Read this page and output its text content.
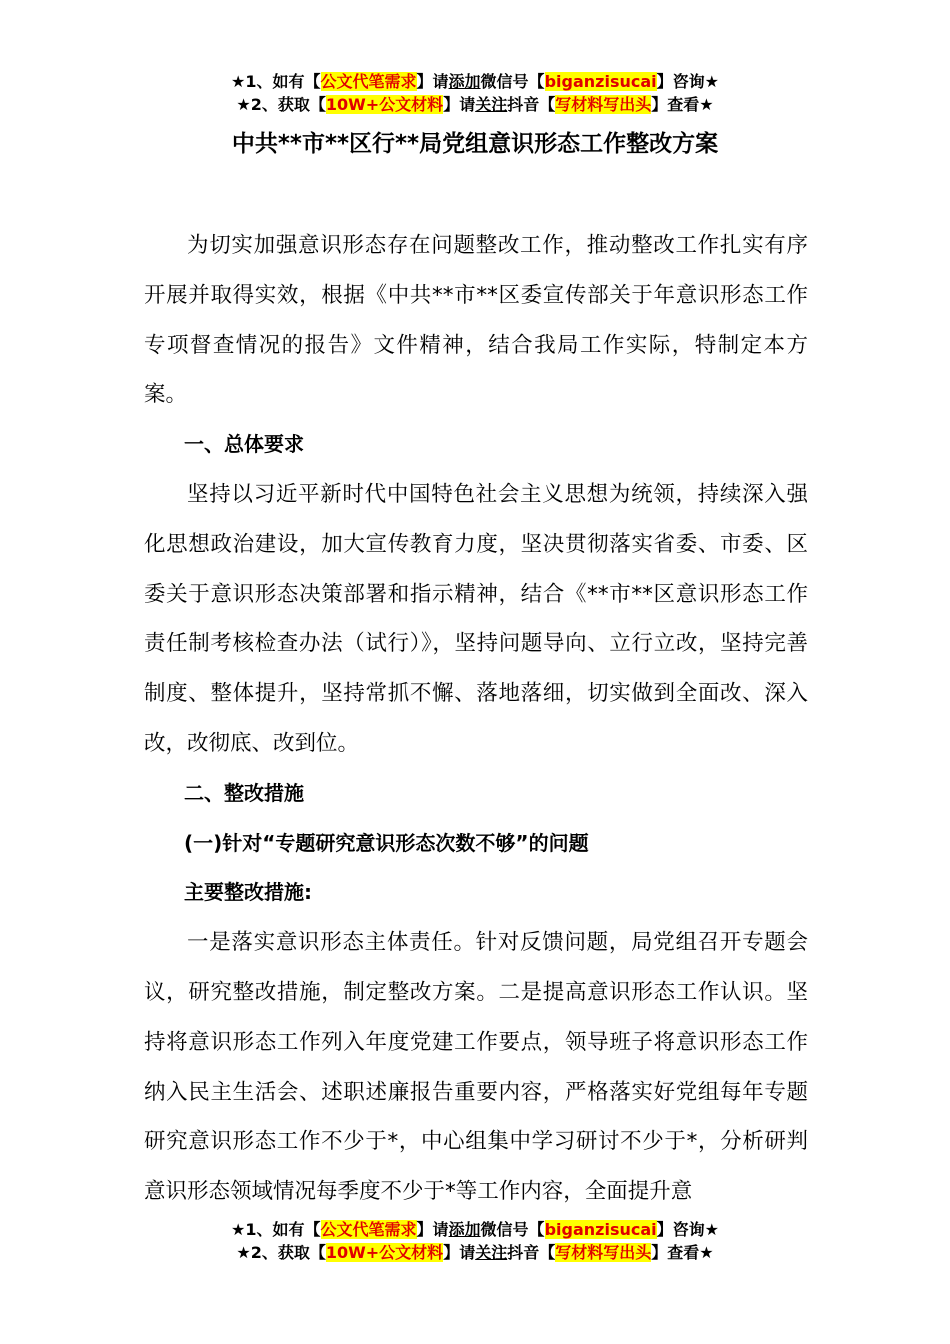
★1、如有【公文代笔需求】请添加微信号【biganzisucai】咨询★
★2、获取【10W+公文材料】请关注抖音【写材料写出头】查看★
中共**市**区行**局党组意识形态工作整改方案

为切实加强意识形态存在问题整改工作，推动整改工作扎实有序开展并取得实效，根据《中共**市**区委宣传部关于年意识形态工作专项督查情况的报告》文件精神，结合我局工作实际，特制定本方案。

一、总体要求

坚持以习近平新时代中国特色社会主义思想为统领，持续深入强化思想政治建设，加大宣传教育力度，坚决贯彻落实省委、市委、区委关于意识形态决策部署和指示精神，结合《**市**区意识形态工作责任制考核检查办法（试行）》，坚持问题导向、立行立改，坚持完善制度、整体提升，坚持常抓不懈、落地落细，切实做到全面改、深入改，改彻底、改到位。

二、整改措施

(一)针对“专题研究意识形态次数不够”的问题

主要整改措施:

一是落实意识形态主体责任。针对反馈问题，局党组召开专题会议，研究整改措施，制定整改方案。二是提高意识形态工作认识。坚持将意识形态工作列入年度党建工作要点，领导班子将意识形态工作纳入民主生活会、述职述廉报告重要内容，严格落实好党组每年专题研究意识形态工作不少于*，中心组集中学习研讨不少于*，分析研判意识形态领域情况每季度不少于*等工作内容，全面提升意

★1、如有【公文代笔需求】请添加微信号【biganzisucai】咨询★
★2、获取【10W+公文材料】请关注抖音【写材料写出头】查看★
